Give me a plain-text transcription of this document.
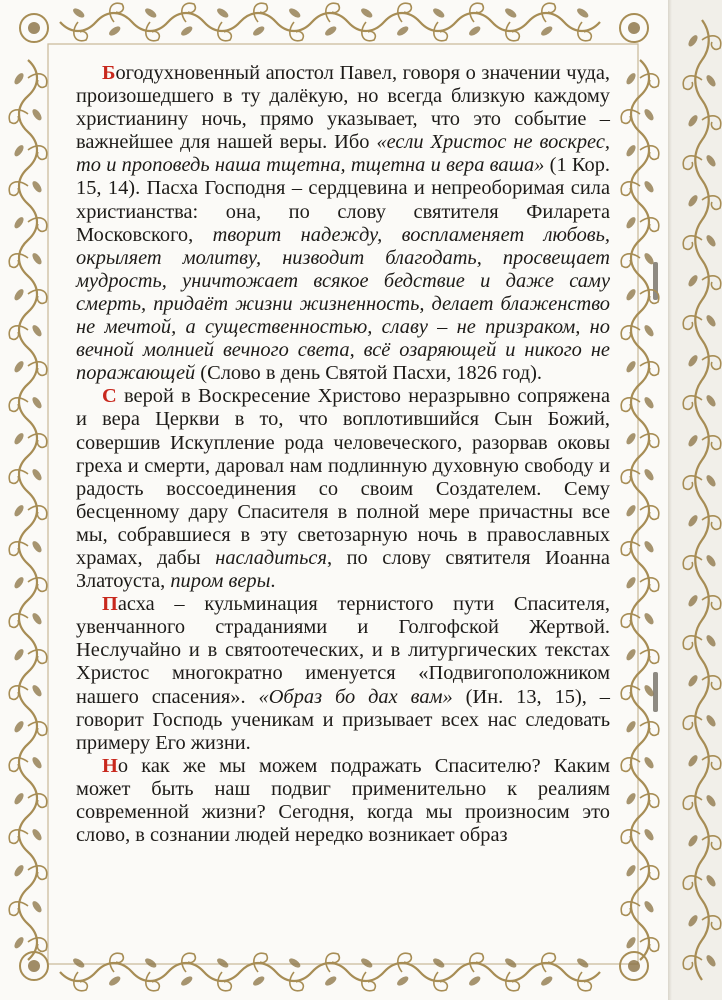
Богодухновенный апостол Павел, говоря о значении чуда, произошедшего в ту далёкую, но всегда близкую каждому христианину ночь, прямо указывает, что это событие – важнейшее для нашей веры. Ибо «если Христос не воскрес, то и проповедь наша тщетна, тщетна и вера ваша» (1 Кор. 15, 14). Пасха Господня – сердцевина и непреоборимая сила христианства: она, по слову святителя Филарета Московского, творит надежду, воспламеняет любовь, окрыляет молитву, низводит благодать, просвещает мудрость, уничтожает всякое бедствие и даже саму смерть, придаёт жизни жизненность, делает блаженство не мечтой, а существенностью, славу – не призраком, но вечной молнией вечного света, всё озаряющей и никого не поражающей (Слово в день Святой Пасхи, 1826 год).

С верой в Воскресение Христово неразрывно сопряжена и вера Церкви в то, что воплотившийся Сын Божий, совершив Искупление рода человеческого, разорвав оковы греха и смерти, даровал нам подлинную духовную свободу и радость воссоединения со своим Создателем. Сему бесценному дару Спасителя в полной мере причастны все мы, собравшиеся в эту светозарную ночь в православных храмах, дабы насладиться, по слову святителя Иоанна Златоуста, пиром веры.

Пасха – кульминация тернистого пути Спасителя, увенчанного страданиями и Голгофской Жертвой. Неслучайно и в святоотеческих, и в литургических текстах Христос многократно именуется «Подвигоположником нашего спасения». «Образ бо дах вам» (Ин. 13, 15), – говорит Господь ученикам и призывает всех нас следовать примеру Его жизни.

Но как же мы можем подражать Спасителю? Каким может быть наш подвиг применительно к реалиям современной жизни? Сегодня, когда мы произносим это слово, в сознании людей нередко возникает образ
